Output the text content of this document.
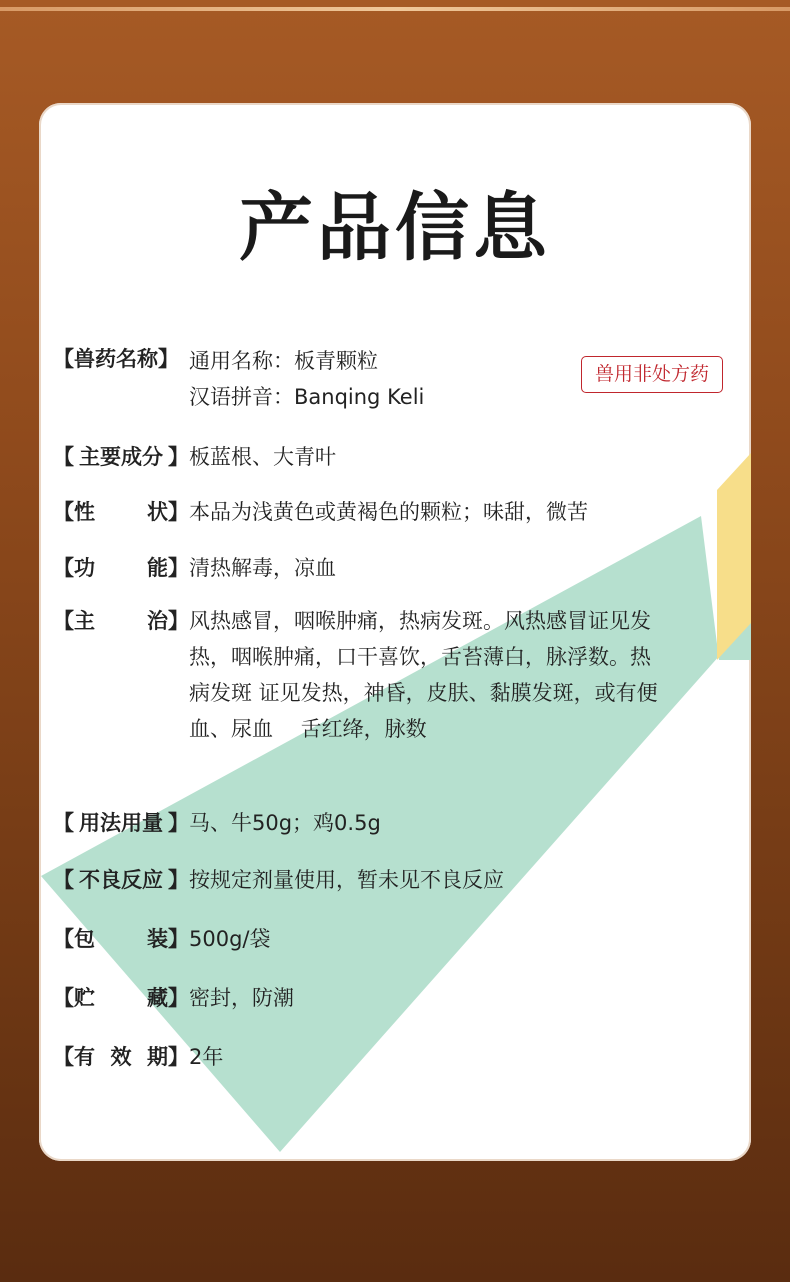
产品信息
兽用非处方药
【兽药名称】 通用名称：板青颗粒
汉语拼音：Banqing Keli
【 主要成分 】 板蓝根、大青叶
【性 状】 本品为浅黄色或黄褐色的颗粒；味甜，微苦
【功 能】 清热解毒，凉血
【主 治】 风热感冒，咽喉肿痛，热病发斑。风热感冒证见发热，咽喉肿痛，口干喜饮，舌苔薄白，脉浮数。热病发斑 证见发热，神昏，皮肤、黏膜发斑，或有便血、尿血　 舌红绛，脉数
【 用法用量 】 马、牛50g；鸡0.5g
【 不良反应 】 按规定剂量使用，暂未见不良反应
【包 装】 500g/袋
【贮 藏】 密封，防潮
【有 效 期】 2年
